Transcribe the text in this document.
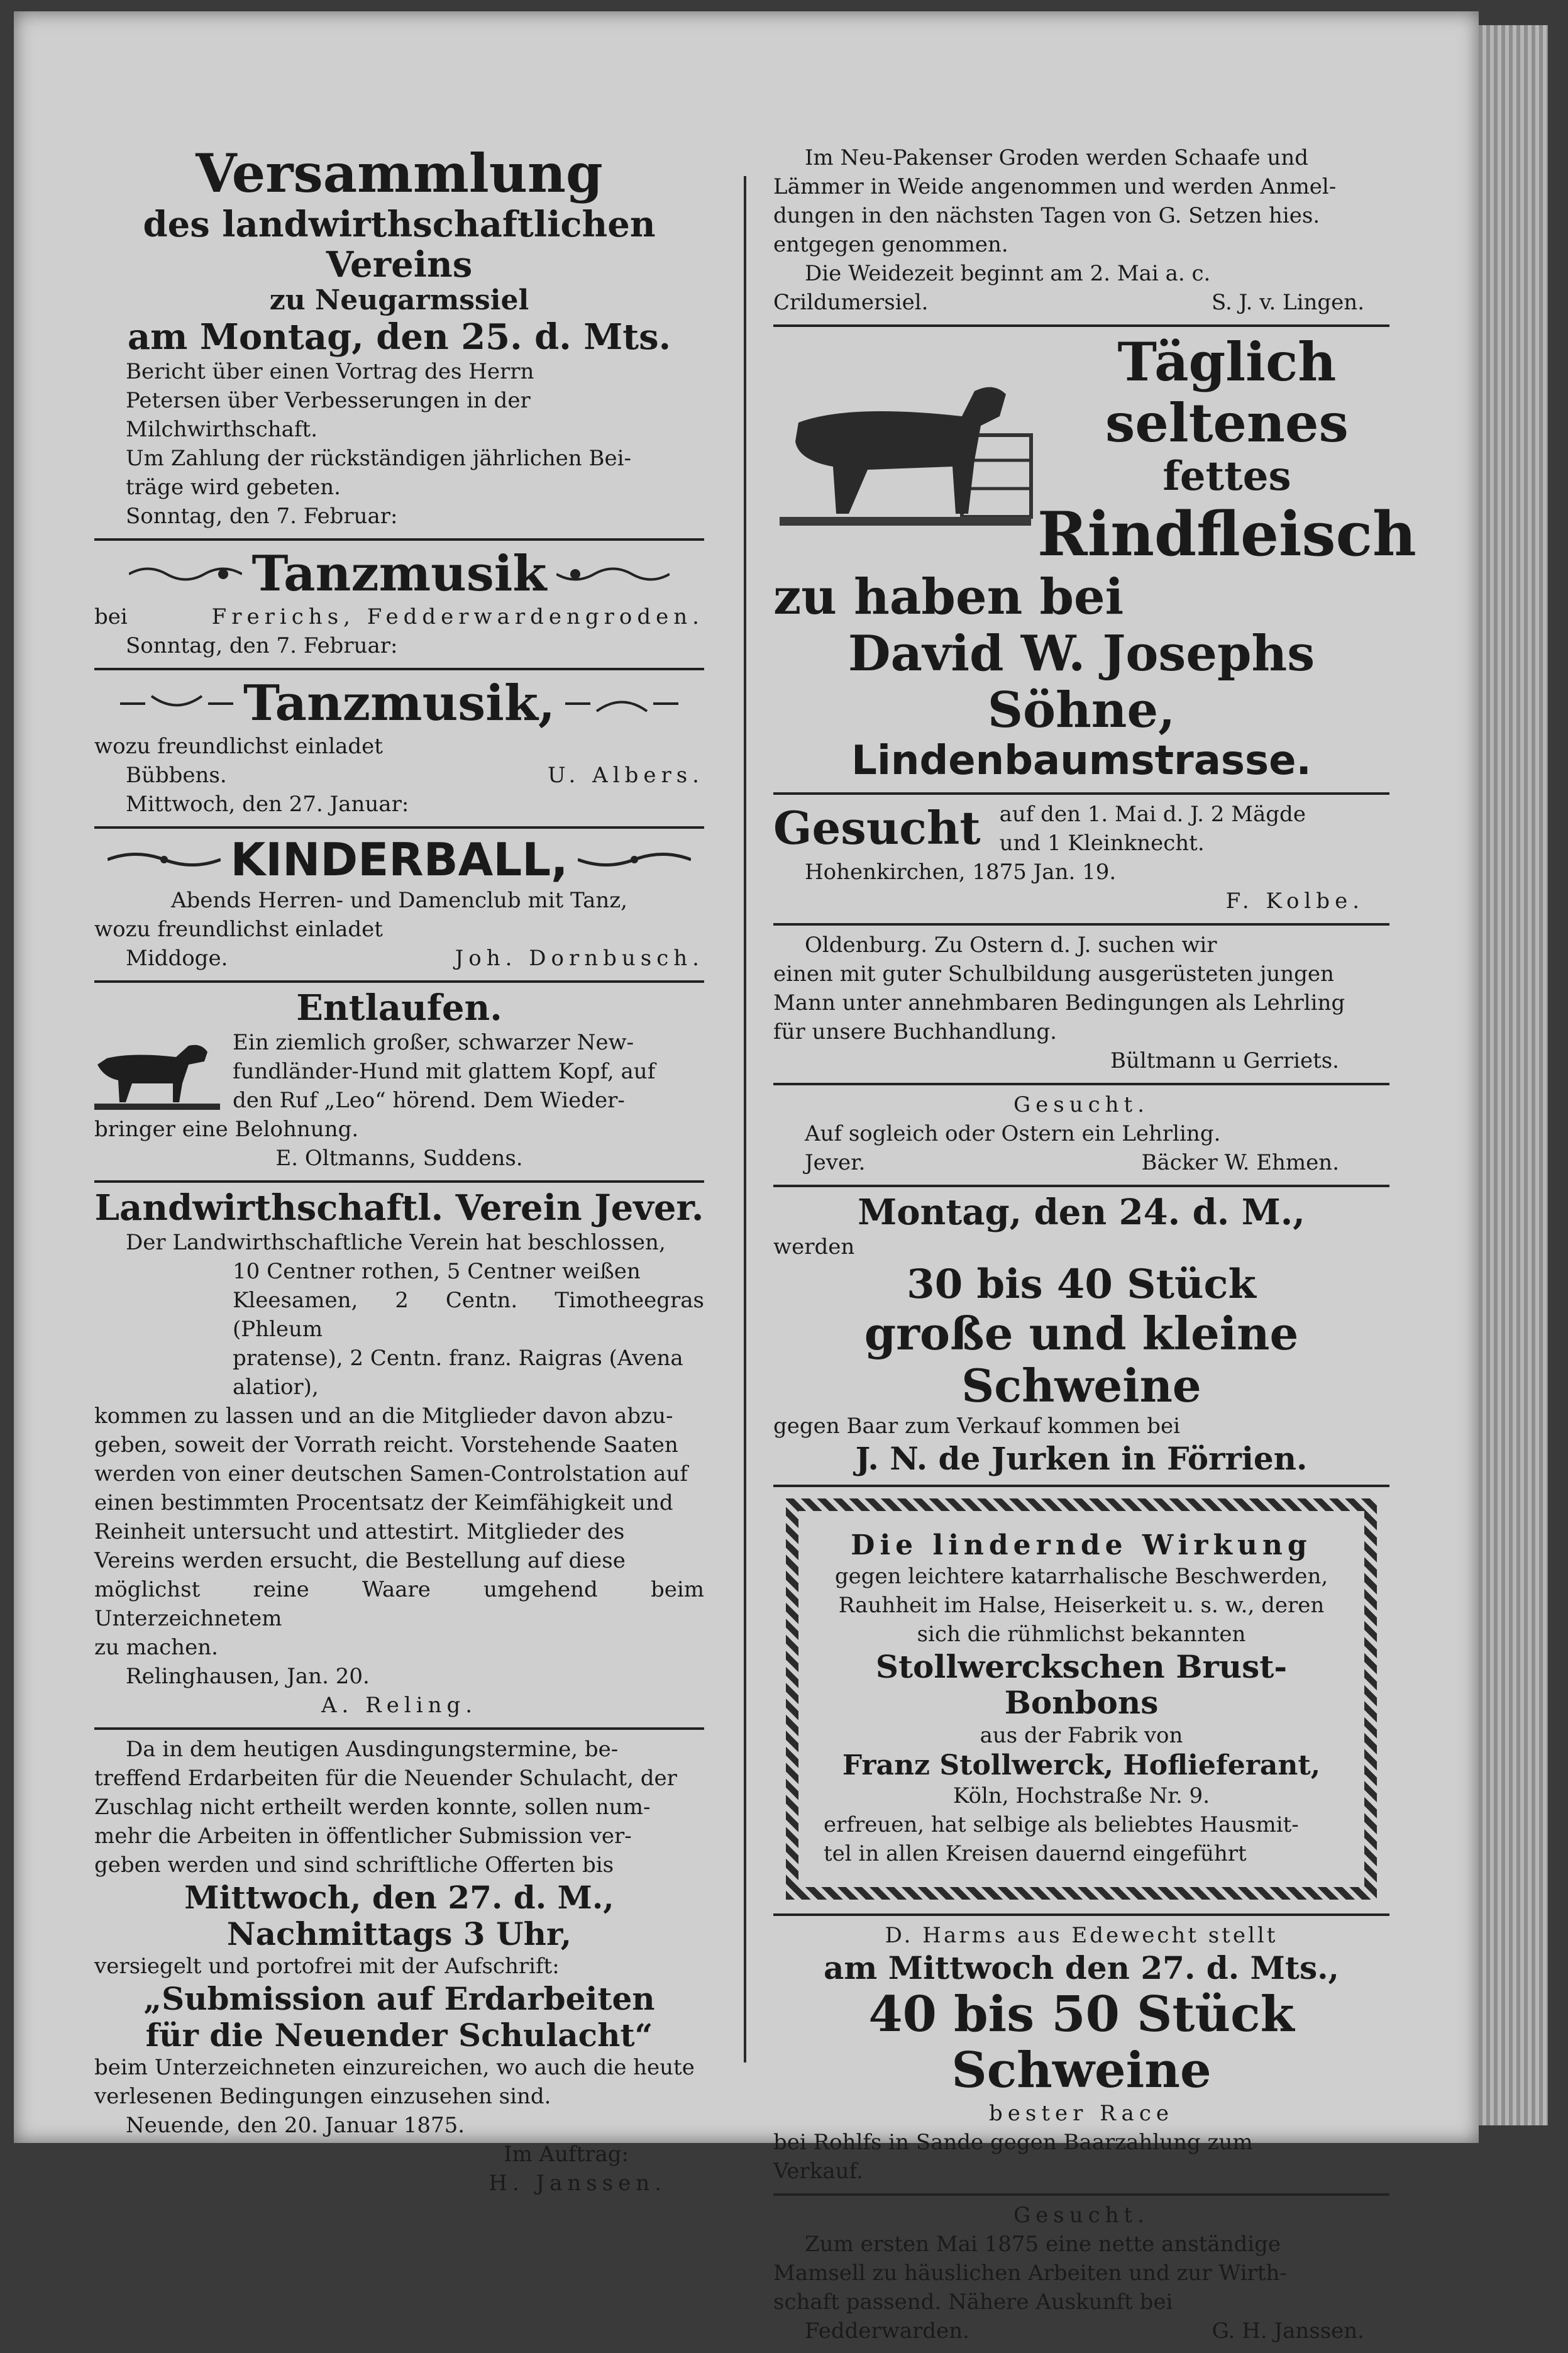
Versammlung
des landwirthschaftlichen Vereins
zu Neugarmssiel
am Montag, den 25. d. Mts.
Bericht über einen Vortrag des Herrn
Petersen über Verbesserungen in der
Milchwirthschaft.
Um Zahlung der rückständigen jährlichen Bei-
träge wird gebeten.
Sonntag, den 7. Februar:
Tanzmusik
bei	Frerichs, Fedderwardengroden.
Sonntag, den 7. Februar:
Tanzmusik,
wozu freundlichst einladet
Bübbens.	U. Albers.
Mittwoch, den 27. Januar:
KINDERBALL,
Abends Herren- und Damenclub mit Tanz,
wozu freundlichst einladet
Middoge.	Joh. Dornbusch.
Entlaufen.
Ein ziemlich großer, schwarzer New-
fundländer-Hund mit glattem Kopf, auf
den Ruf „Leo“ hörend. Dem Wieder-
bringer eine Belohnung.
E. Oltmanns, Suddens.
Landwirthschaftl. Verein Jever.
Der Landwirthschaftliche Verein hat beschlossen,
10 Centner rothen, 5 Centner weißen
Kleesamen, 2 Centn. Timotheegras (Phleum
pratense), 2 Centn. franz. Raigras (Avena
alatior),
kommen zu lassen und an die Mitglieder davon abzu-
geben, soweit der Vorrath reicht. Vorstehende Saaten
werden von einer deutschen Samen-Controlstation auf
einen bestimmten Procentsatz der Keimfähigkeit und
Reinheit untersucht und attestirt. Mitglieder des
Vereins werden ersucht, die Bestellung auf diese
möglichst reine Waare umgehend beim Unterzeichnetem
zu machen.
Relinghausen, Jan. 20.
A. Reling.
Da in dem heutigen Ausdingungstermine, be-
treffend Erdarbeiten für die Neuender Schulacht, der
Zuschlag nicht ertheilt werden konnte, sollen num-
mehr die Arbeiten in öffentlicher Submission ver-
geben werden und sind schriftliche Offerten bis
Mittwoch, den 27. d. M.,
Nachmittags 3 Uhr,
versiegelt und portofrei mit der Aufschrift:
„Submission auf Erdarbeiten
für die Neuender Schulacht“
beim Unterzeichneten einzureichen, wo auch die heute
verlesenen Bedingungen einzusehen sind.
Neuende, den 20. Januar 1875.
Im Auftrag:
H. Janssen.
Im Neu-Pakenser Groden werden Schaafe und
Lämmer in Weide angenommen und werden Anmel-
dungen in den nächsten Tagen von G. Setzen hies.
entgegen genommen.
Die Weidezeit beginnt am 2. Mai a. c.
Crildumersiel.	S. J. v. Lingen.
Täglich seltenes
fettes
Rindfleisch
zu haben bei
David W. Josephs Söhne,
Lindenbaumstrasse.
Gesucht auf den 1. Mai d. J. 2 Mägde
und 1 Kleinknecht.
Hohenkirchen, 1875 Jan. 19.
F. Kolbe.
Oldenburg. Zu Ostern d. J. suchen wir
einen mit guter Schulbildung ausgerüsteten jungen
Mann unter annehmbaren Bedingungen als Lehrling
für unsere Buchhandlung.
Bültmann u Gerriets.
Gesucht.
Auf sogleich oder Ostern ein Lehrling.
Jever.	Bäcker W. Ehmen.
Montag, den 24. d. M.,
werden
30 bis 40 Stück
große und kleine Schweine
gegen Baar zum Verkauf kommen bei
J. N. de Jurken in Förrien.
Die lindernde Wirkung
gegen leichtere katarrhalische Beschwerden,
Rauhheit im Halse, Heiserkeit u. s. w., deren
sich die rühmlichst bekannten
Stollwerckschen Brust-Bonbons
aus der Fabrik von
Franz Stollwerck, Hoflieferant,
Köln, Hochstraße Nr. 9.
erfreuen, hat selbige als beliebtes Hausmit-
tel in allen Kreisen dauernd eingeführt
D. Harms aus Edewecht stellt
am Mittwoch den 27. d. Mts.,
40 bis 50 Stück Schweine
bester Race
bei Rohlfs in Sande gegen Baarzahlung zum
Verkauf.
Gesucht.
Zum ersten Mai 1875 eine nette anständige
Mamsell zu häuslichen Arbeiten und zur Wirth-
schaft passend. Nähere Auskunft bei
Fedderwarden.	G. H. Janssen.
